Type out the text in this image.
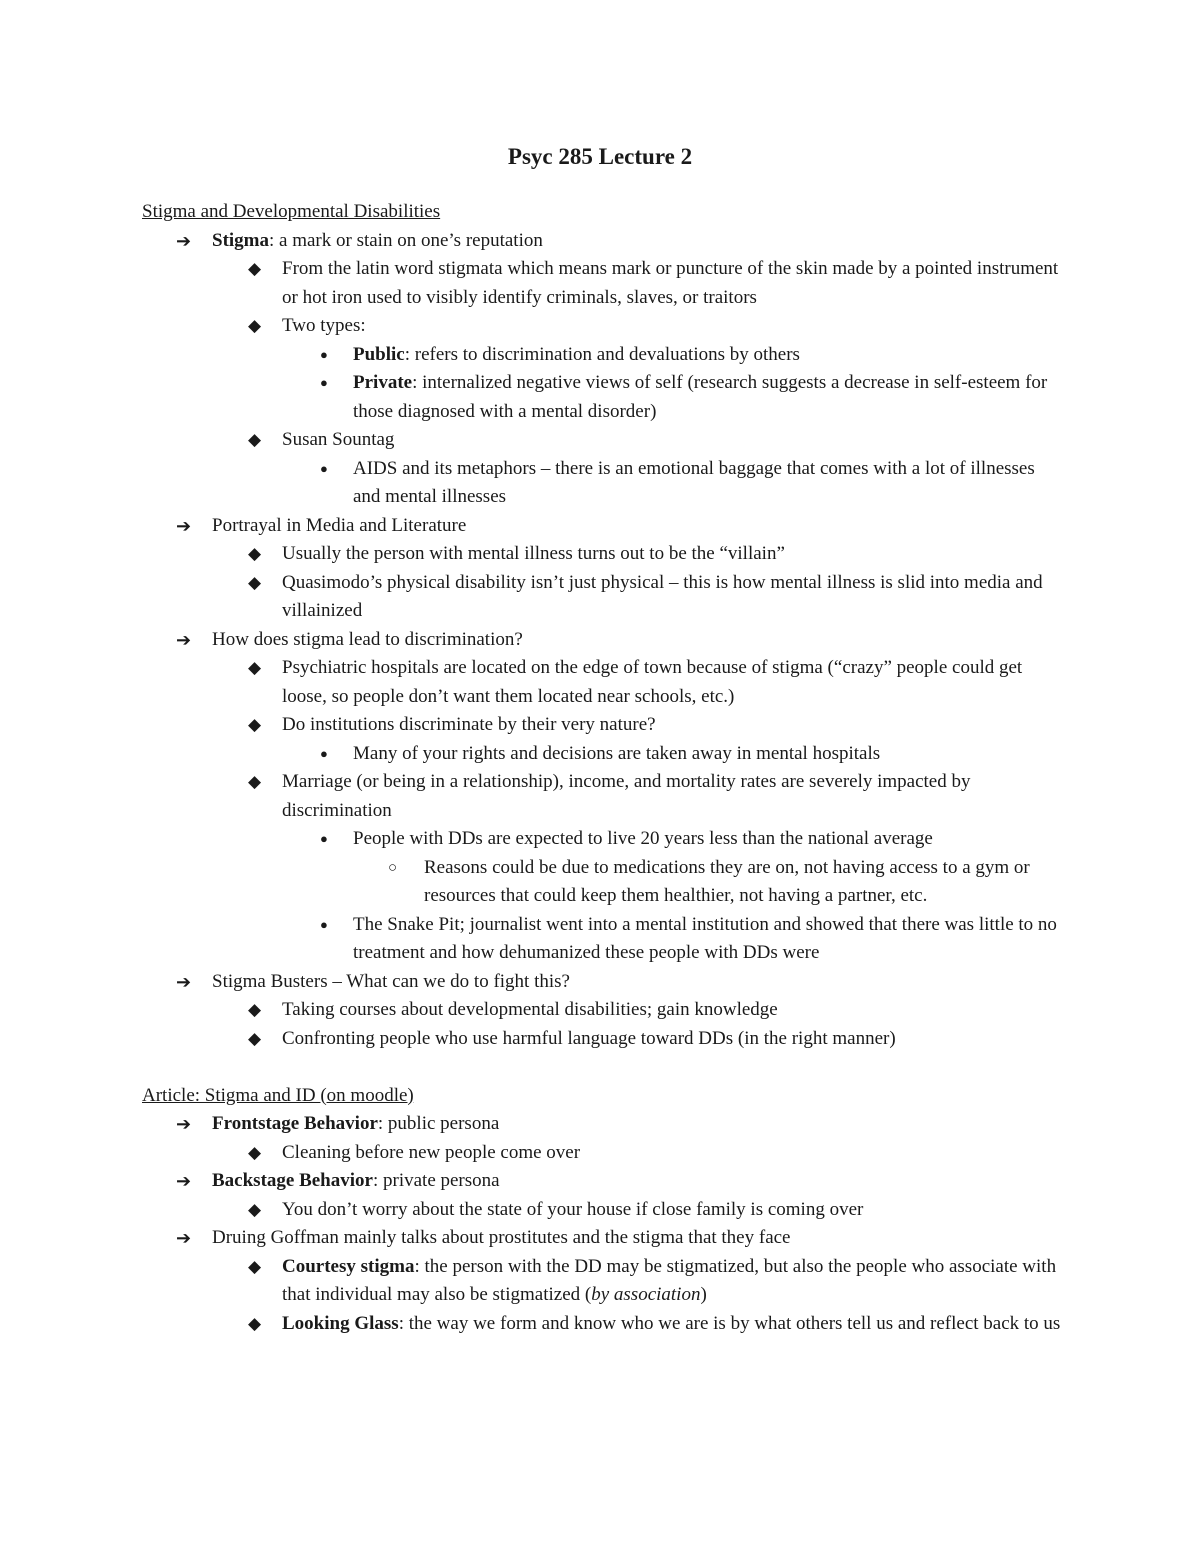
Psyc 285 Lecture 2
Stigma and Developmental Disabilities
➔ Stigma: a mark or stain on one’s reputation
◆ From the latin word stigmata which means mark or puncture of the skin made by a pointed instrument or hot iron used to visibly identify criminals, slaves, or traitors
◆ Two types:
● Public: refers to discrimination and devaluations by others
● Private: internalized negative views of self (research suggests a decrease in self-esteem for those diagnosed with a mental disorder)
◆ Susan Sountag
● AIDS and its metaphors – there is an emotional baggage that comes with a lot of illnesses and mental illnesses
➔ Portrayal in Media and Literature
◆ Usually the person with mental illness turns out to be the “villain”
◆ Quasimodo’s physical disability isn’t just physical – this is how mental illness is slid into media and villainized
➔ How does stigma lead to discrimination?
◆ Psychiatric hospitals are located on the edge of town because of stigma (“crazy” people could get loose, so people don’t want them located near schools, etc.)
◆ Do institutions discriminate by their very nature?
● Many of your rights and decisions are taken away in mental hospitals
◆ Marriage (or being in a relationship), income, and mortality rates are severely impacted by discrimination
● People with DDs are expected to live 20 years less than the national average
○ Reasons could be due to medications they are on, not having access to a gym or resources that could keep them healthier, not having a partner, etc.
● The Snake Pit; journalist went into a mental institution and showed that there was little to no treatment and how dehumanized these people with DDs were
➔ Stigma Busters – What can we do to fight this?
◆ Taking courses about developmental disabilities; gain knowledge
◆ Confronting people who use harmful language toward DDs (in the right manner)
Article: Stigma and ID (on moodle)
➔ Frontstage Behavior: public persona
◆ Cleaning before new people come over
➔ Backstage Behavior: private persona
◆ You don’t worry about the state of your house if close family is coming over
➔ Druing Goffman mainly talks about prostitutes and the stigma that they face
◆ Courtesy stigma: the person with the DD may be stigmatized, but also the people who associate with that individual may also be stigmatized (by association)
◆ Looking Glass: the way we form and know who we are is by what others tell us and reflect back to us
